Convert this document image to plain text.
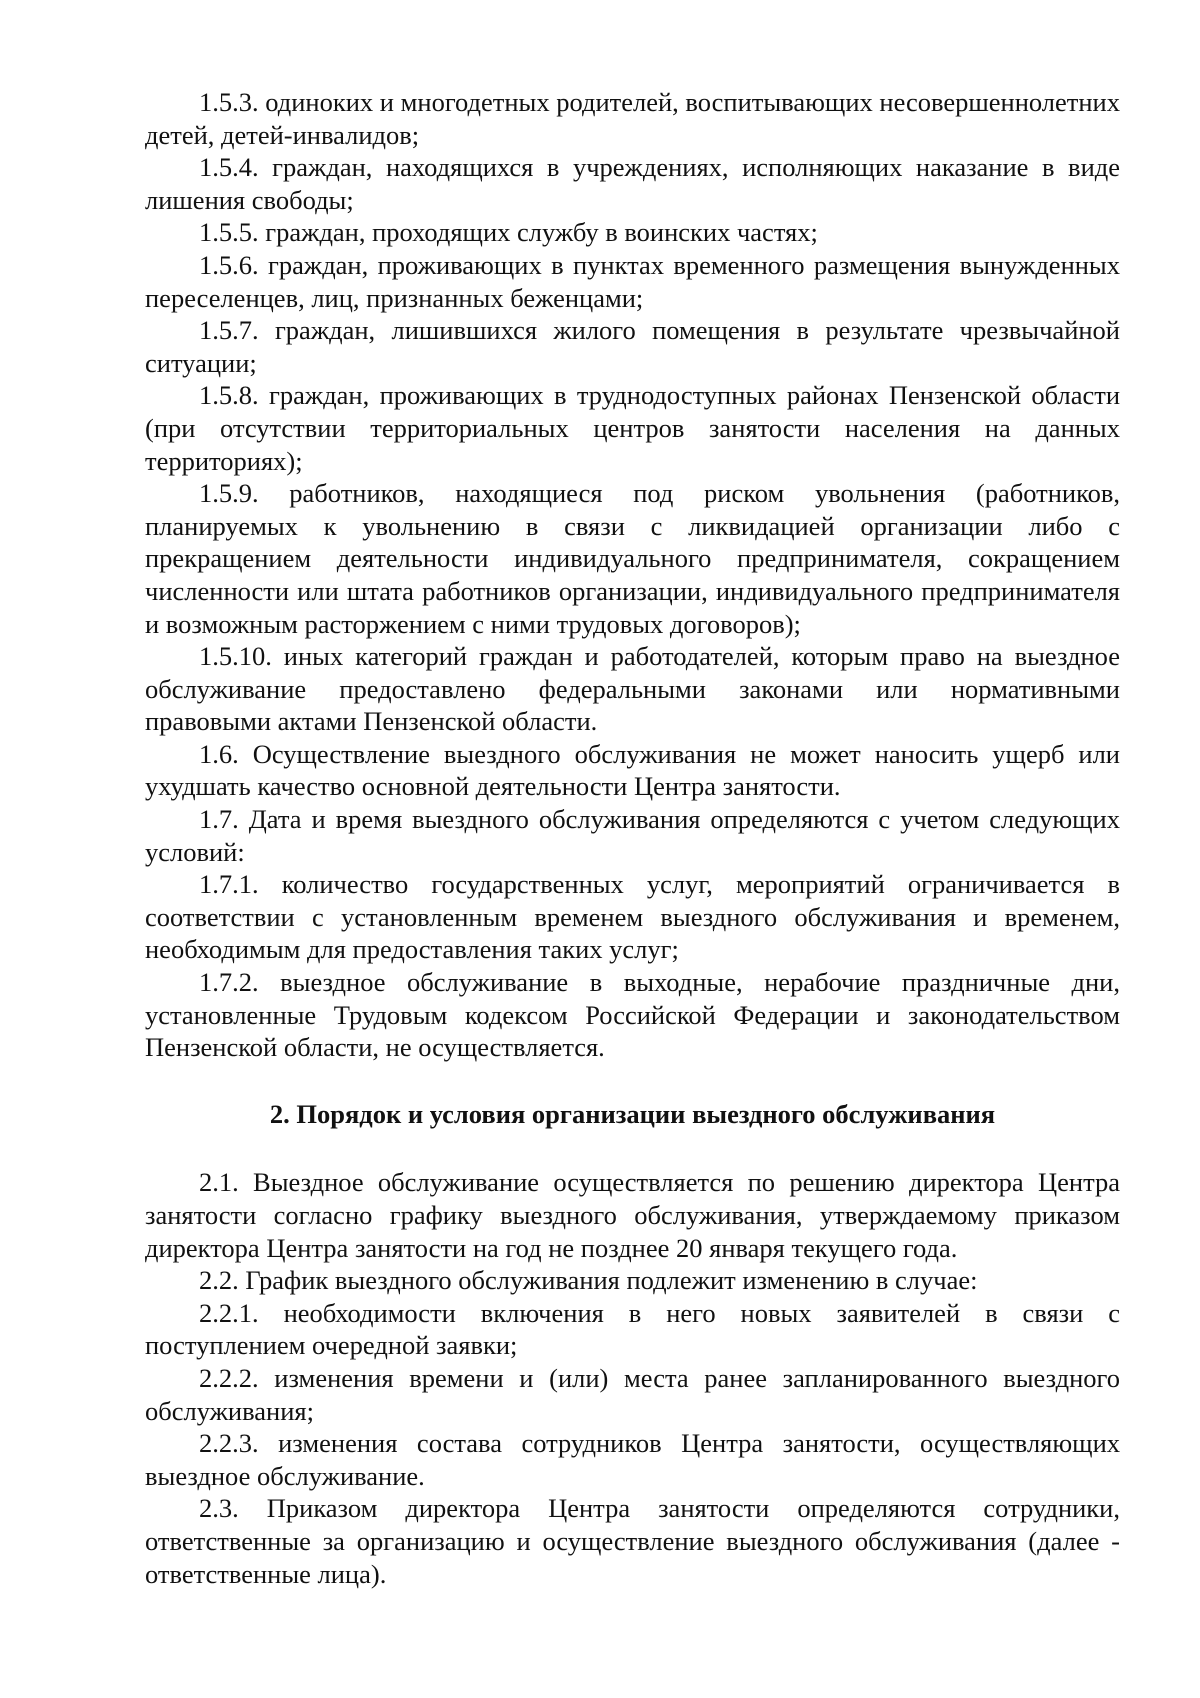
1.5.3. одиноких и многодетных родителей, воспитывающих несовершеннолетних детей, детей-инвалидов;

1.5.4. граждан, находящихся в учреждениях, исполняющих наказание в виде лишения свободы;

1.5.5. граждан, проходящих службу в воинских частях;

1.5.6. граждан, проживающих в пунктах временного размещения вынужденных переселенцев, лиц, признанных беженцами;

1.5.7. граждан, лишившихся жилого помещения в результате чрезвычайной ситуации;

1.5.8. граждан, проживающих в труднодоступных районах Пензенской области (при отсутствии территориальных центров занятости населения на данных территориях);

1.5.9. работников, находящиеся под риском увольнения (работников, планируемых к увольнению в связи с ликвидацией организации либо с прекращением деятельности индивидуального предпринимателя, сокращением численности или штата работников организации, индивидуального предпринимателя и возможным расторжением с ними трудовых договоров);

1.5.10. иных категорий граждан и работодателей, которым право на выездное обслуживание предоставлено федеральными законами или нормативными правовыми актами Пензенской области.

1.6. Осуществление выездного обслуживания не может наносить ущерб или ухудшать качество основной деятельности Центра занятости.

1.7. Дата и время выездного обслуживания определяются с учетом следующих условий:

1.7.1. количество государственных услуг, мероприятий ограничивается в соответствии с установленным временем выездного обслуживания и временем, необходимым для предоставления таких услуг;

1.7.2. выездное обслуживание в выходные, нерабочие праздничные дни, установленные Трудовым кодексом Российской Федерации и законодательством Пензенской области, не осуществляется.

2. Порядок и условия организации выездного обслуживания

2.1. Выездное обслуживание осуществляется по решению директора Центра занятости согласно графику выездного обслуживания, утверждаемому приказом директора Центра занятости на год не позднее 20 января текущего года.

2.2. График выездного обслуживания подлежит изменению в случае:

2.2.1. необходимости включения в него новых заявителей в связи с поступлением очередной заявки;

2.2.2. изменения времени и (или) места ранее запланированного выездного обслуживания;

2.2.3. изменения состава сотрудников Центра занятости, осуществляющих выездное обслуживание.

2.3. Приказом директора Центра занятости определяются сотрудники, ответственные за организацию и осуществление выездного обслуживания (далее - ответственные лица).
